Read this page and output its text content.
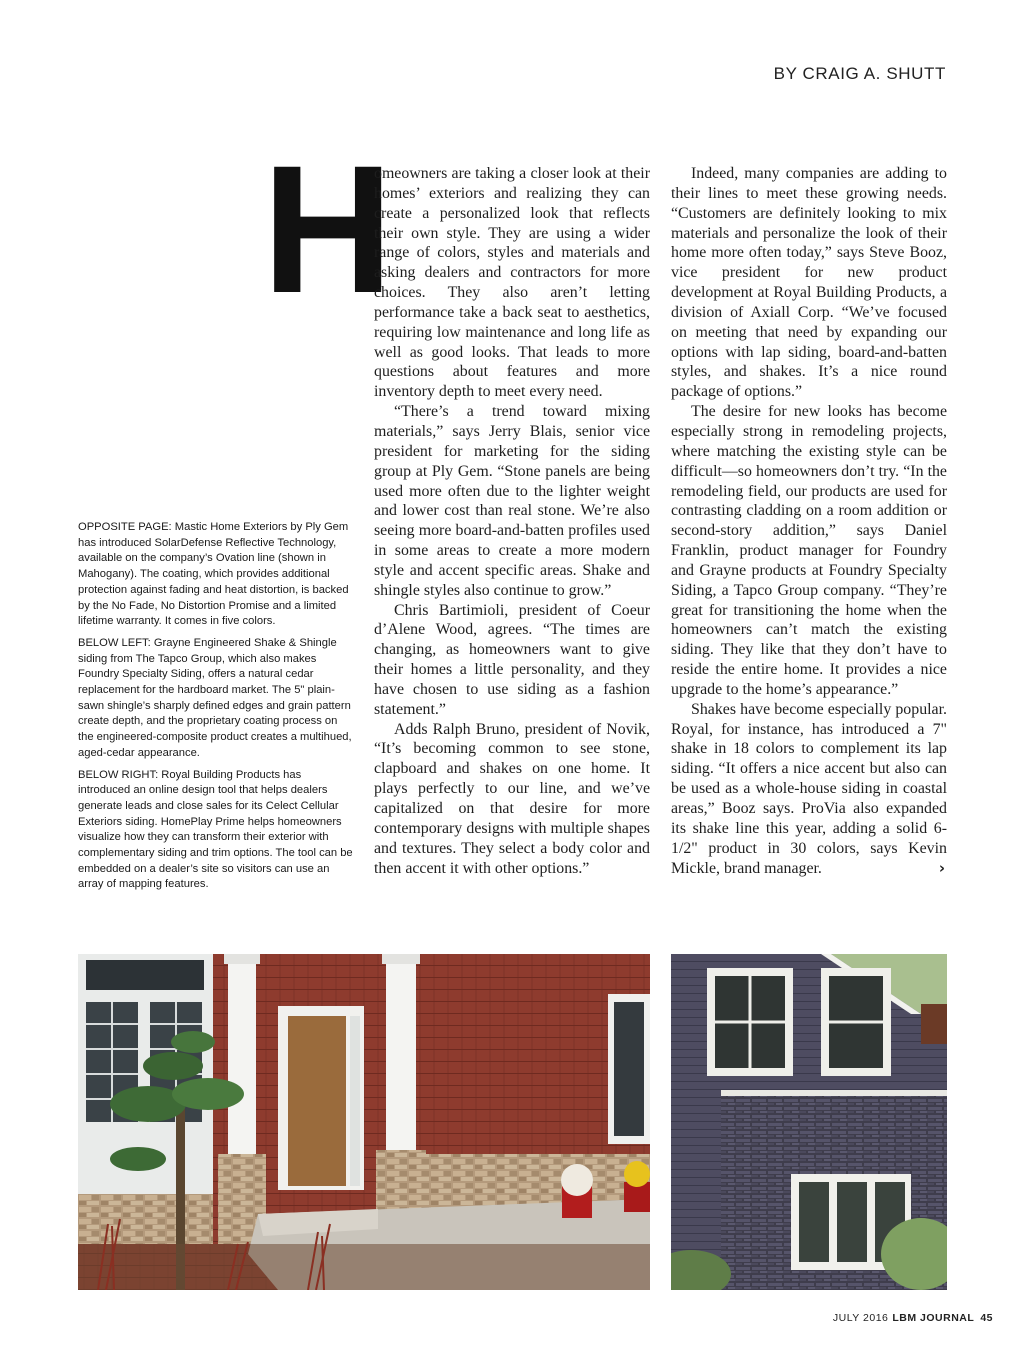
BY CRAIG A. SHUTT
H

omeowners are taking a closer look at their homes’ exteriors and realizing they can create a personalized look that reflects their own style. They are using a wider range of colors, styles and materials and asking dealers and contractors for more choices. They also aren’t letting performance take a back seat to aesthetics, requiring low maintenance and long life as well as good looks. That leads to more questions about features and more inventory depth to meet every need.

“There’s a trend toward mixing materials,” says Jerry Blais, senior vice president for marketing for the siding group at Ply Gem. “Stone panels are being used more often due to the lighter weight and lower cost than real stone. We’re also seeing more board-and-batten profiles used in some areas to create a more modern style and accent specific areas. Shake and shingle styles also continue to grow.”

Chris Bartimioli, president of Coeur d’Alene Wood, agrees. “The times are changing, as homeowners want to give their homes a little personality, and they have chosen to use siding as a fashion statement.”

Adds Ralph Bruno, president of Novik, “It’s becoming common to see stone, clapboard and shakes on one home. It plays perfectly to our line, and we’ve capitalized on that desire for more contemporary designs with multiple shapes and textures. They select a body color and then accent it with other options.”

Indeed, many companies are adding to their lines to meet these growing needs. “Customers are definitely looking to mix materials and personalize the look of their home more often today,” says Steve Booz, vice president for new product development at Royal Building Products, a division of Axiall Corp. “We’ve focused on meeting that need by expanding our options with lap siding, board-and-batten styles, and shakes. It’s a nice round package of options.”

The desire for new looks has become especially strong in remodeling projects, where matching the existing style can be difficult—so homeowners don’t try. “In the remodeling field, our products are used for contrasting cladding on a room addition or second-story addition,” says Daniel Franklin, product manager for Foundry and Grayne products at Foundry Specialty Siding, a Tapco Group company. “They’re great for transitioning the home when the homeowners can’t match the existing siding. They like that they don’t have to reside the entire home. It provides a nice upgrade to the home’s appearance.”

Shakes have become especially popular. Royal, for instance, has introduced a 7" shake in 18 colors to complement its lap siding. “It offers a nice accent but also can be used as a whole-house siding in coastal areas,” Booz says. ProVia also expanded its shake line this year, adding a solid 6-1/2" product in 30 colors, says Kevin Mickle, brand manager.	›

OPPOSITE PAGE: Mastic Home Exteriors by Ply Gem has introduced SolarDefense Reflective Technology, available on the company’s Ovation line (shown in Mahogany). The coating, which provides additional protection against fading and heat distortion, is backed by the No Fade, No Distortion Promise and a limited lifetime warranty. It comes in five colors.

BELOW LEFT: Grayne Engineered Shake & Shingle siding from The Tapco Group, which also makes Foundry Specialty Siding, offers a natural cedar replacement for the hardboard market. The 5" plain-sawn shingle’s sharply defined edges and grain pattern create depth, and the proprietary coating process on the engineered-composite product creates a multihued, aged-cedar appearance.

BELOW RIGHT: Royal Building Products has introduced an online design tool that helps dealers generate leads and close sales for its Celect Cellular Exteriors siding. HomePlay Prime helps homeowners visualize how they can transform their exterior with complementary siding and trim options. The tool can be embedded on a dealer’s site so visitors can use an array of mapping features.

JULY 2016 LBM JOURNAL 45
